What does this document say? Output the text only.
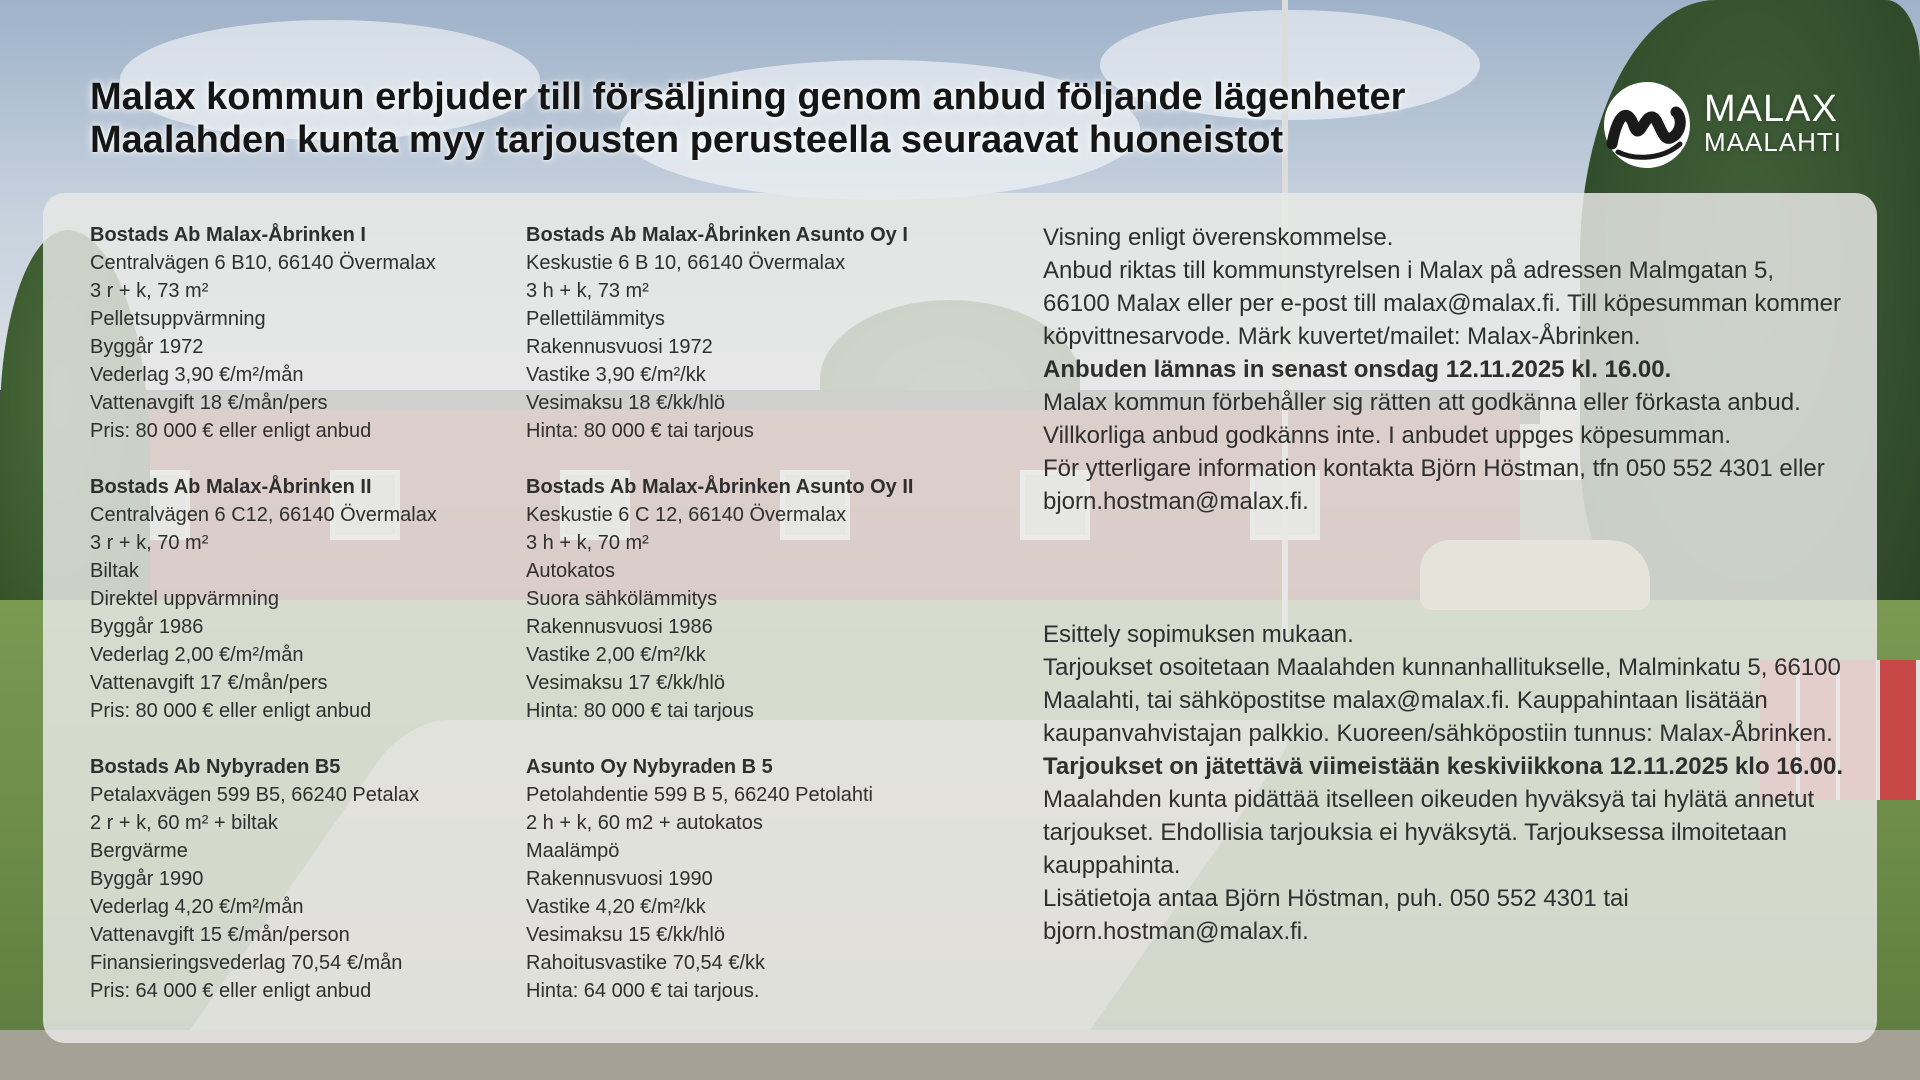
Malax kommun erbjuder till försäljning genom anbud följande lägenheter
Maalahden kunta myy tarjousten perusteella seuraavat huoneistot
MALAX
MAALAHTI
Bostads Ab Malax-Åbrinken I
Centralvägen 6 B10, 66140 Övermalax
3 r + k, 73 m²
Pelletsuppvärmning
Byggår 1972
Vederlag 3,90 €/m²/mån
Vattenavgift 18 €/mån/pers
Pris: 80 000 € eller enligt anbud
Bostads Ab Malax-Åbrinken II
Centralvägen 6 C12, 66140 Övermalax
3 r + k, 70 m²
Biltak
Direktel uppvärmning
Byggår 1986
Vederlag 2,00 €/m²/mån
Vattenavgift 17 €/mån/pers
Pris: 80 000 € eller enligt anbud
Bostads Ab Nybyraden B5
Petalaxvägen 599 B5, 66240 Petalax
2 r + k, 60 m² + biltak
Bergvärme
Byggår 1990
Vederlag 4,20 €/m²/mån
Vattenavgift 15 €/mån/person
Finansieringsvederlag 70,54 €/mån
Pris: 64 000 € eller enligt anbud
Bostads Ab Malax-Åbrinken Asunto Oy I
Keskustie 6 B 10, 66140 Övermalax
3 h + k, 73 m²
Pellettilämmitys
Rakennusvuosi 1972
Vastike 3,90 €/m²/kk
Vesimaksu 18 €/kk/hlö
Hinta: 80 000 € tai tarjous
Bostads Ab Malax-Åbrinken Asunto Oy II
Keskustie 6 C 12, 66140 Övermalax
3 h + k, 70 m²
Autokatos
Suora sähkölämmitys
Rakennusvuosi 1986
Vastike 2,00 €/m²/kk
Vesimaksu 17 €/kk/hlö
Hinta: 80 000 € tai tarjous
Asunto Oy Nybyraden B 5
Petolahdentie 599 B 5, 66240 Petolahti
2 h + k, 60 m2 + autokatos
Maalämpö
Rakennusvuosi 1990
Vastike 4,20 €/m²/kk
Vesimaksu 15 €/kk/hlö
Rahoitusvastike 70,54 €/kk
Hinta: 64 000 € tai tarjous.

Visning enligt överenskommelse.

Anbud riktas till kommunstyrelsen i Malax på adressen Malmgatan 5, 66100 Malax eller per e-post till malax@malax.fi. Till köpesumman kommer köpvittnesarvode. Märk kuvertet/mailet: Malax-Åbrinken.

Anbuden lämnas in senast onsdag 12.11.2025 kl. 16.00.

Malax kommun förbehåller sig rätten att godkänna eller förkasta anbud. Villkorliga anbud godkänns inte. I anbudet uppges köpesumman.

För ytterligare information kontakta Björn Höstman, tfn 050 552 4301 eller bjorn.hostman@malax.fi.

Esittely sopimuksen mukaan.

Tarjoukset osoitetaan Maalahden kunnanhallitukselle, Malminkatu 5, 66100 Maalahti, tai sähköpostitse malax@malax.fi. Kauppahintaan lisätään kaupanvahvistajan palkkio. Kuoreen/sähköpostiin tunnus: Malax-Åbrinken. Tarjoukset on jätettävä viimeistään keskiviikkona 12.11.2025 klo 16.00.

Maalahden kunta pidättää itselleen oikeuden hyväksyä tai hylätä annetut tarjoukset. Ehdollisia tarjouksia ei hyväksytä. Tarjouksessa ilmoitetaan kauppahinta.

Lisätietoja antaa Björn Höstman, puh. 050 552 4301 tai bjorn.hostman@malax.fi.
